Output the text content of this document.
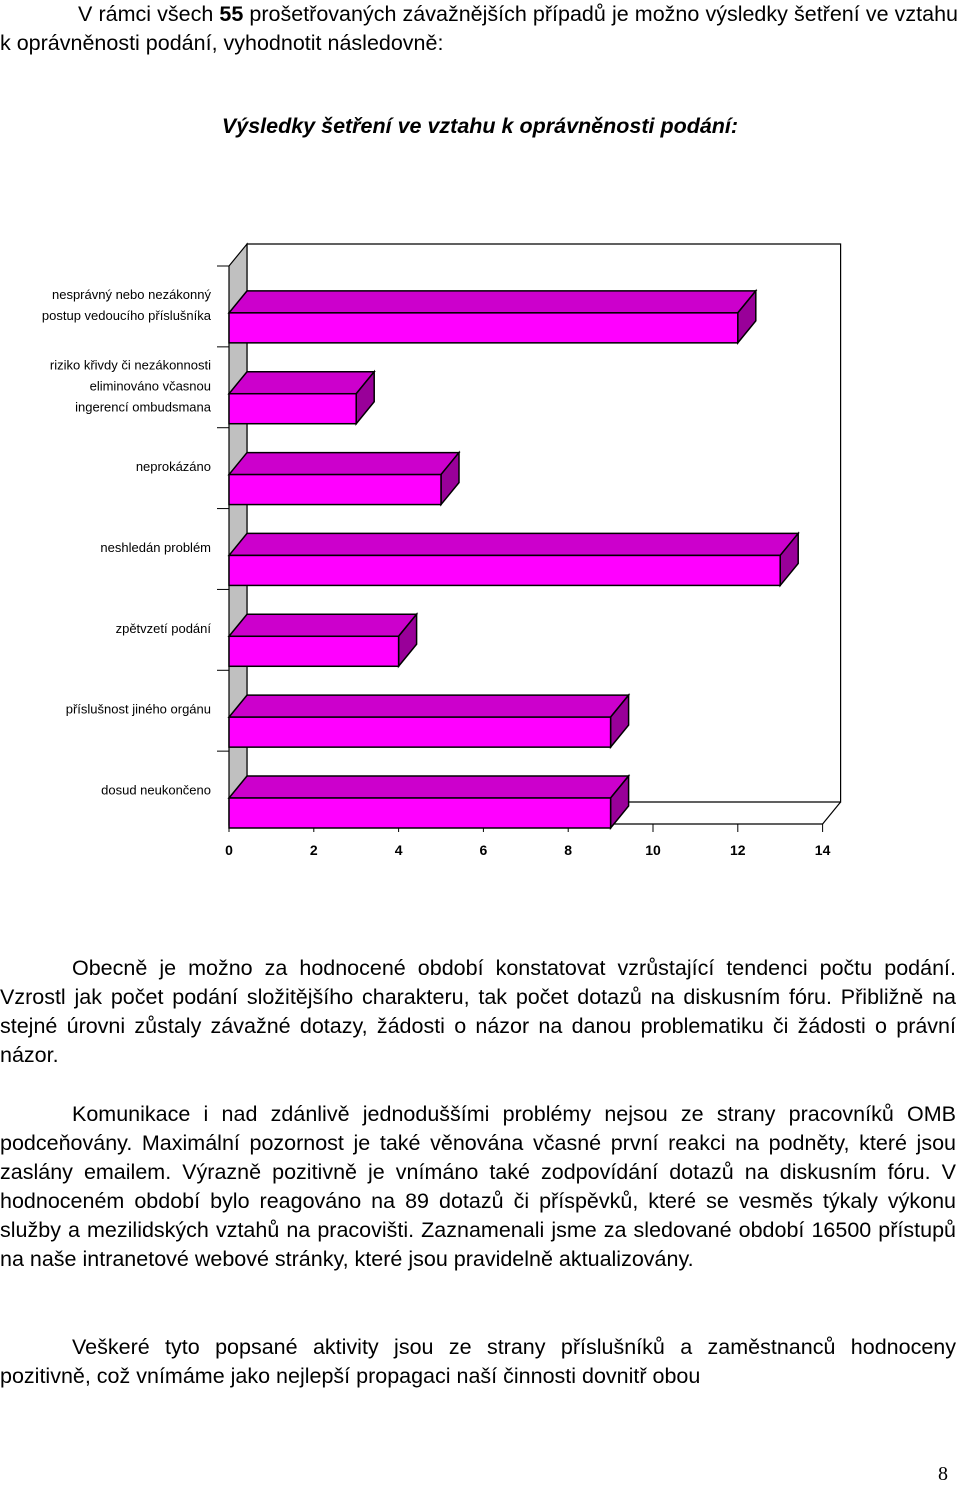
V rámci všech 55 prošetřovaných závažnějších případů je možno výsledky šetření ve vztahu k oprávněnosti podání, vyhodnotit následovně:

Výsledky šetření ve vztahu k oprávněnosti podání:
0	2	4	6	8	10	12	14
nesprávný nebo nezákonný postup vedoucího příslušníka
riziko křivdy či nezákonnosti eliminováno včasnou ingerencí ombudsmana
neprokázáno
neshledán problém
zpětvzetí podání
příslušnost jiného orgánu
dosud neukončeno

Obecně je možno za hodnocené období konstatovat vzrůstající tendenci počtu podání. Vzrostl jak počet podání složitějšího charakteru, tak počet dotazů na diskusním fóru. Přibližně na stejné úrovni zůstaly závažné dotazy, žádosti o názor na danou problematiku či žádosti o právní názor.

Komunikace i nad zdánlivě jednoduššími problémy nejsou ze strany pracovníků OMB podceňovány. Maximální pozornost je také věnována včasné první reakci na podněty, které jsou zaslány emailem. Výrazně pozitivně je vnímáno také zodpovídání dotazů na diskusním fóru. V hodnoceném období bylo reagováno na 89 dotazů či příspěvků, které se vesměs týkaly výkonu služby a mezilidských vztahů na pracovišti. Zaznamenali jsme za sledované období 16500 přístupů na naše intranetové webové stránky, které jsou pravidelně aktualizovány.

Veškeré tyto popsané aktivity jsou ze strany příslušníků a zaměstnanců hodnoceny pozitivně, což vnímáme jako nejlepší propagaci naší činnosti dovnitř obou

8
